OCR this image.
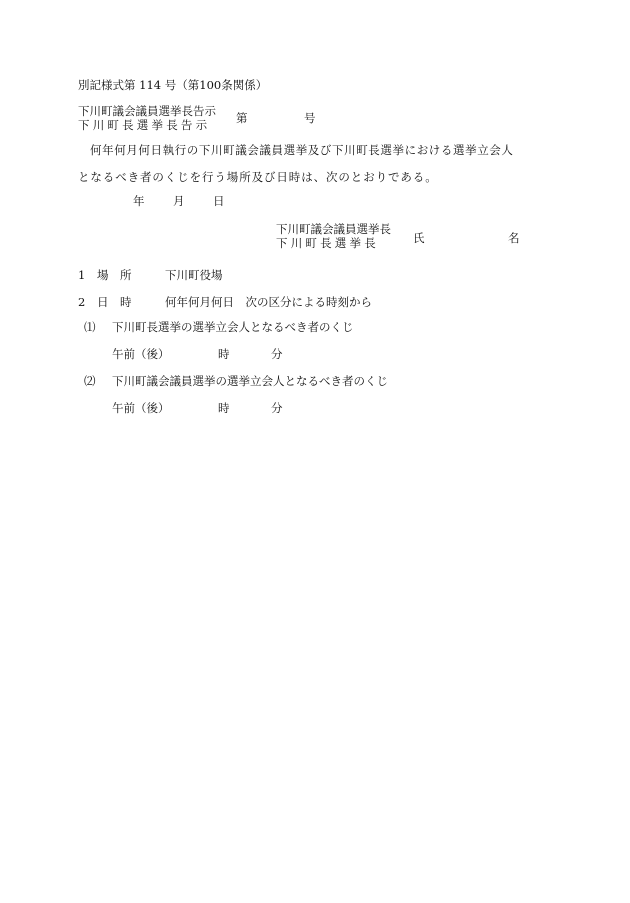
別記様式第 114 号（第100条関係）
下川町議会議員選挙長告示
下川町長選挙長告示 第	号
何年何月何日執行の下川町議会議員選挙及び下川町長選挙における選挙立会人
となるべき者のくじを行う場所及び日時は、次のとおりである。
年 月 日
下川町議会議員選挙長
下川町長選挙長	氏	名
1 場　所	下川町役場
2 日　時	何年何月何日　次の区分による時刻から
⑴ 下川町長選挙の選挙立会人となるべき者のくじ
午前（後）	時	分
⑵ 下川町議会議員選挙の選挙立会人となるべき者のくじ
午前（後）	時	分
